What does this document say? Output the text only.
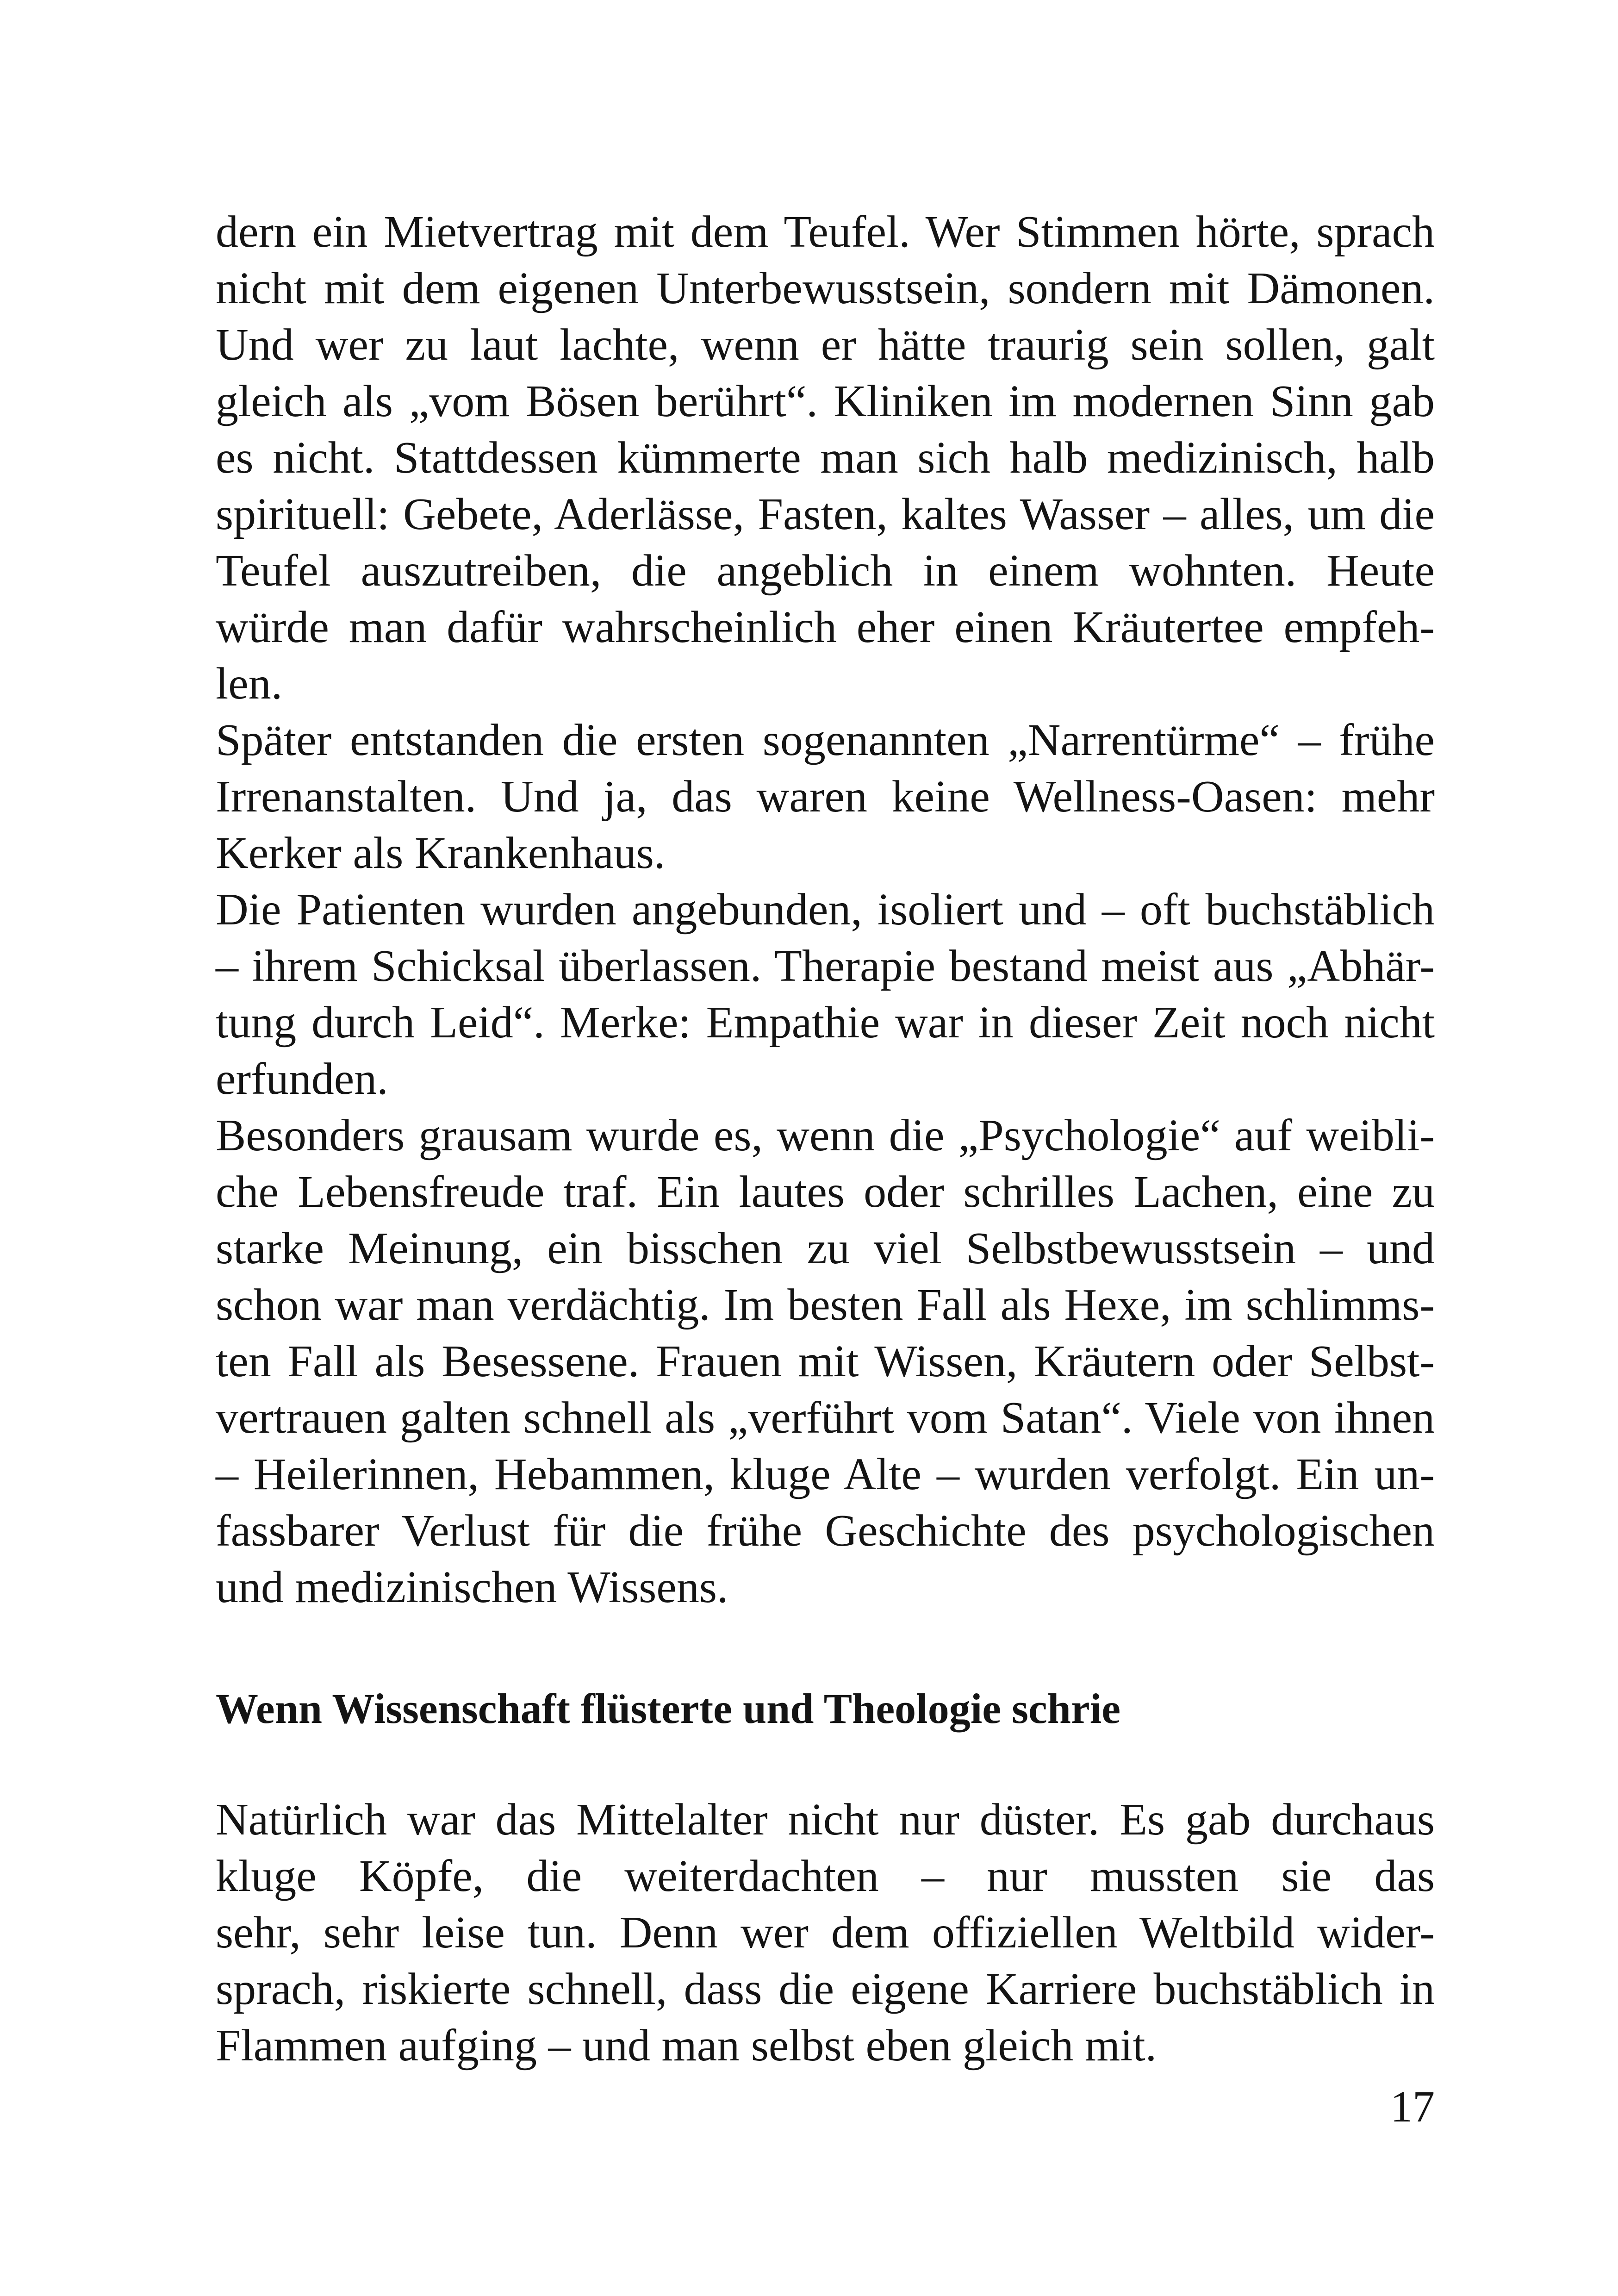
dern ein Mietvertrag mit dem Teufel. Wer Stimmen hörte, sprach
nicht mit dem eigenen Unterbewusstsein, sondern mit Dämonen.
Und wer zu laut lachte, wenn er hätte traurig sein sollen, galt
gleich als „vom Bösen berührt“. Kliniken im modernen Sinn gab
es nicht. Stattdessen kümmerte man sich halb medizinisch, halb
spirituell: Gebete, Aderlässe, Fasten, kaltes Wasser – alles, um die
Teufel auszutreiben, die angeblich in einem wohnten. Heute
würde man dafür wahrscheinlich eher einen Kräutertee empfeh-
len.
Später entstanden die ersten sogenannten „Narrentürme“ – frühe
Irrenanstalten. Und ja, das waren keine Wellness-Oasen: mehr
Kerker als Krankenhaus.
Die Patienten wurden angebunden, isoliert und – oft buchstäblich
– ihrem Schicksal überlassen. Therapie bestand meist aus „Abhär-
tung durch Leid“. Merke: Empathie war in dieser Zeit noch nicht
erfunden.
Besonders grausam wurde es, wenn die „Psychologie“ auf weibli-
che Lebensfreude traf. Ein lautes oder schrilles Lachen, eine zu
starke Meinung, ein bisschen zu viel Selbstbewusstsein – und
schon war man verdächtig. Im besten Fall als Hexe, im schlimms-
ten Fall als Besessene. Frauen mit Wissen, Kräutern oder Selbst-
vertrauen galten schnell als „verführt vom Satan“. Viele von ihnen
– Heilerinnen, Hebammen, kluge Alte – wurden verfolgt. Ein un-
fassbarer Verlust für die frühe Geschichte des psychologischen
und medizinischen Wissens.
Wenn Wissenschaft flüsterte und Theologie schrie
Natürlich war das Mittelalter nicht nur düster. Es gab durchaus
kluge Köpfe, die weiterdachten – nur mussten sie das
sehr, sehr leise tun. Denn wer dem offiziellen Weltbild wider-
sprach, riskierte schnell, dass die eigene Karriere buchstäblich in
Flammen aufging – und man selbst eben gleich mit.
17
